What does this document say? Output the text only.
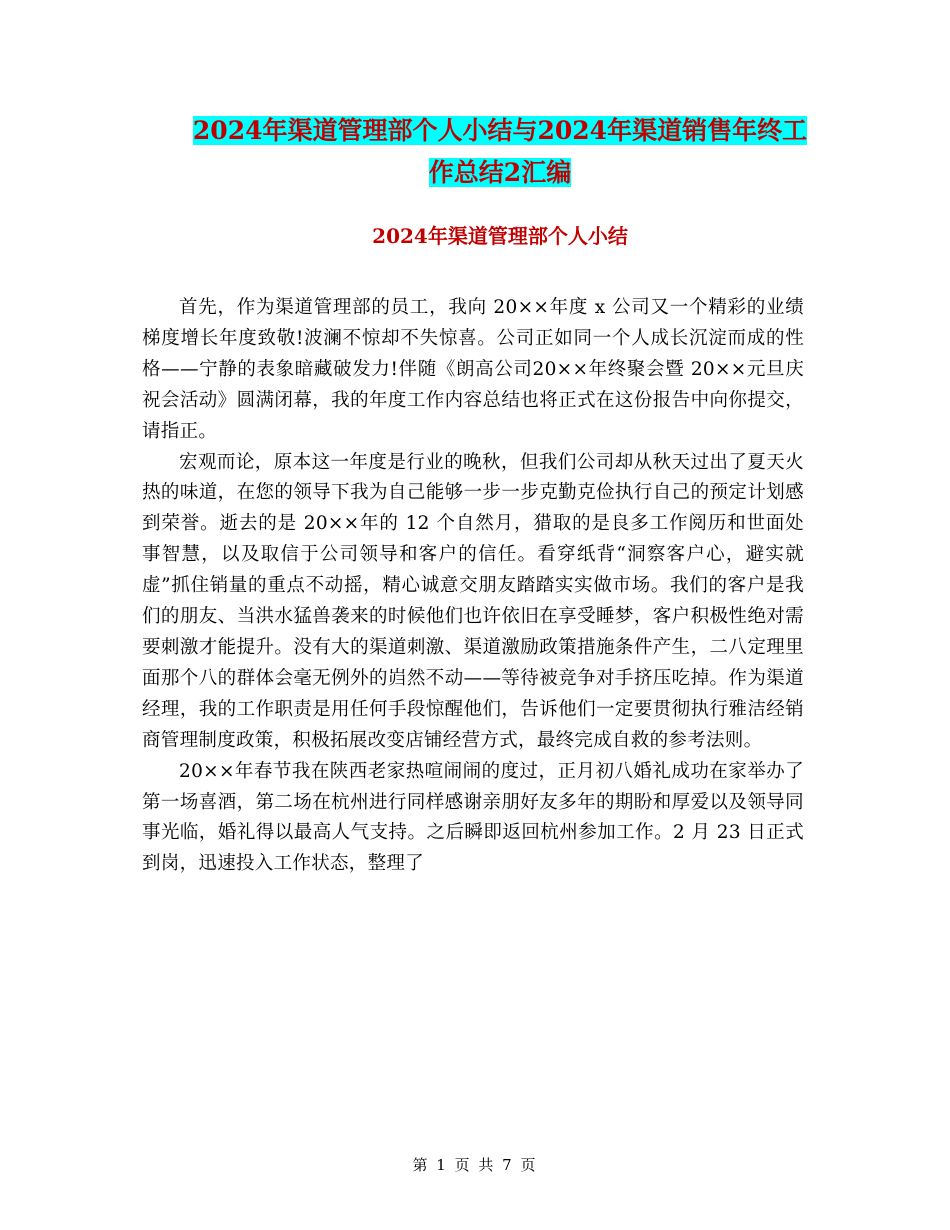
2024年渠道管理部个人小结与2024年渠道销售年终工
作总结2汇编
2024年渠道管理部个人小结

首先，作为渠道管理部的员工，我向 20××年度 x 公司又一个精彩的业绩梯度增长年度致敬!波澜不惊却不失惊喜。公司正如同一个人成长沉淀而成的性格——宁静的表象暗藏破发力!伴随《朗高公司20××年终聚会暨 20××元旦庆祝会活动》圆满闭幕，我的年度工作内容总结也将正式在这份报告中向你提交，请指正。

宏观而论，原本这一年度是行业的晚秋，但我们公司却从秋天过出了夏天火热的味道，在您的领导下我为自己能够一步一步克勤克俭执行自己的预定计划感到荣誉。逝去的是 20××年的 12 个自然月，猎取的是良多工作阅历和世面处事智慧，以及取信于公司领导和客户的信任。看穿纸背“洞察客户心，避实就虚”抓住销量的重点不动摇，精心诚意交朋友踏踏实实做市场。我们的客户是我们的朋友、当洪水猛兽袭来的时候他们也许依旧在享受睡梦，客户积极性绝对需要刺激才能提升。没有大的渠道刺激、渠道激励政策措施条件产生，二八定理里面那个八的群体会毫无例外的岿然不动——等待被竞争对手挤压吃掉。作为渠道经理，我的工作职责是用任何手段惊醒他们，告诉他们一定要贯彻执行雅洁经销商管理制度政策，积极拓展改变店铺经营方式，最终完成自救的参考法则。

20××年春节我在陕西老家热喧闹闹的度过，正月初八婚礼成功在家举办了第一场喜酒，第二场在杭州进行同样感谢亲朋好友多年的期盼和厚爱以及领导同事光临，婚礼得以最高人气支持。之后瞬即返回杭州参加工作。2 月 23 日正式到岗，迅速投入工作状态，整理了

第 1 页 共 7 页
